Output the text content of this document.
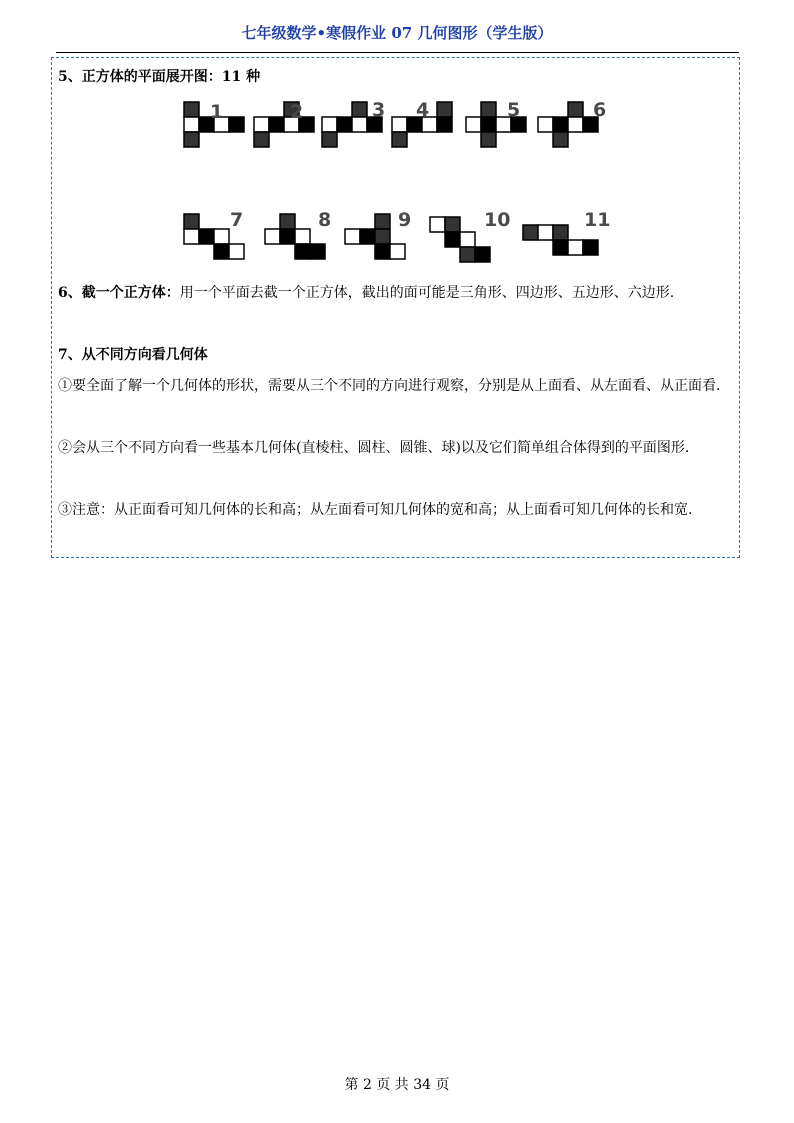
七年级数学•寒假作业 07 几何图形（学生版）
5、正方体的平面展开图：11 种
1	2	3 4	5	6
7	8	9	10	11
6、截一个正方体：用一个平面去截一个正方体，截出的面可能是三角形、四边形、五边形、六边形.
7、从不同方向看几何体
①要全面了解一个几何体的形状，需要从三个不同的方向进行观察，分别是从上面看、从左面看、从正面看.
②会从三个不同方向看一些基本几何体(直棱柱、圆柱、圆锥、球)以及它们简单组合体得到的平面图形.
③注意：从正面看可知几何体的长和高；从左面看可知几何体的宽和高；从上面看可知几何体的长和宽.
第 2 页 共 34 页
